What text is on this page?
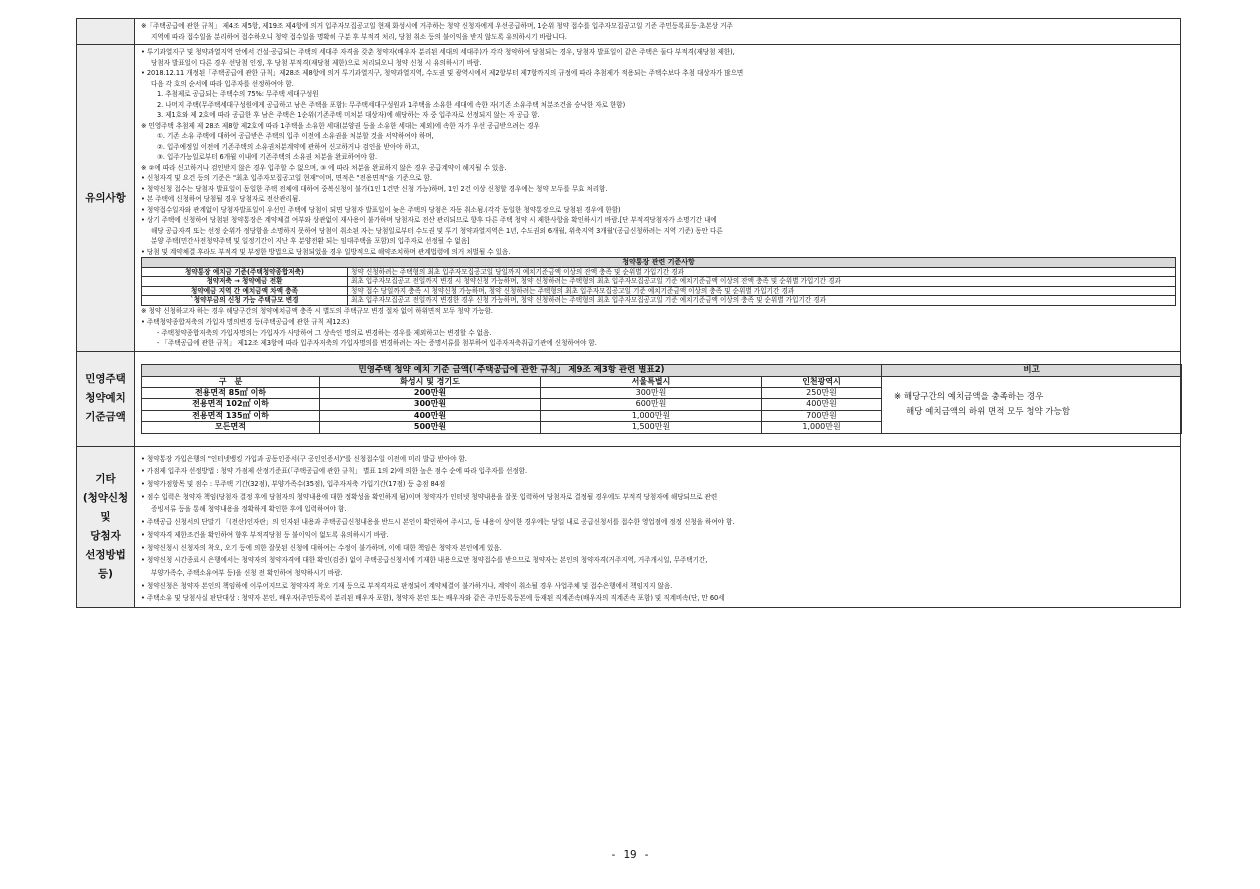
※「주택공급에 관한 규칙」 제4조 제5항, 제19조 제4항에 의거 입주자모집공고일 현재 화성시에 거주하는 청약 신청자에게 우선공급하며, 1순위 청약 접수를 입주자모집공고일 기준 주민등록표등·초본상 거주
지역에 따라 접수일을 분리하여 접수하오니 청약 접수일을 명확히 구분 후 부적격 처리, 당첨 취소 등의 불이익을 받지 않도록 유의하시기 바랍니다.

유의사항	
• 투기과열지구 및 청약과열지역 안에서 건설·공급되는 주택의 세대주 자격을 갖춘 청약자(배우자 분리된 세대의 세대주)가 각각 청약하여 당첨되는 경우, 당첨자 발표일이 같은 주택은 둘다 부적격(재당첨 제한),
당첨자 발표일이 다른 경우 선당첨 인정, 후 당첨 부적격(재당첨 제한)으로 처리되오니 청약 신청 시 유의하시기 바람.
• 2018.12.11 개정된「주택공급에 관한 규칙」제28조 제8항에 의거 투기과열지구, 청약과열지역, 수도권 및 광역시에서 제2항부터 제7항까지의 규정에 따라 추첨제가 적용되는 주택수보다 추첨 대상자가 많으면
다음 각 호의 순서에 따라 입주자를 선정하여야 함.
1. 추첨제로 공급되는 주택수의 75%: 무주택 세대구성원
2. 나머지 주택(무주택세대구성원에게 공급하고 남은 주택을 포함): 무주택세대구성원과 1주택을 소유한 세대에 속한 자(기존 소유주택 처분조건을 승낙한 자로 한함)
3. 제1호와 제 2호에 따라 공급한 후 남은 주택은 1순위(기존주택 미처분 대상자)에 해당하는 자 중 입주자로 선정되지 않는 자 공급 함.
※ 민영주택 추첨제 제 28조 제8항 제2호에 따라 1주택을 소유한 세대(분양권 등을 소유한 세대는 제외)에 속한 자가 우선 공급받으려는 경우
①. 기존 소유 주택에 대하여 공급받은 주택의 입주 이전에 소유권을 처분할 것을 서약하여야 하며,
②. 입주예정일 이전에 기존주택의 소유권처분계약에 관하여 신고하거나 검인을 받아야 하고,
③. 입주가능일로부터 6개월 이내에 기존주택의 소유권 처분을 완료하여야 함.
※ ②에 따라 신고하거나 검인받지 않은 경우 입주할 수 없으며, ③ 에 따라 처분을 완료하지 않은 경우 공급계약이 해지될 수 있음.
• 신청자격 및 요건 등의 기준은 "최초 입주자모집공고일 현재"이며, 면적은 "전용면적"을 기준으로 함.
• 청약신청 접수는 당첨자 발표일이 동일한 주택 전체에 대하여 중복신청이 불가(1인 1건만 신청 가능)하며, 1인 2건 이상 신청할 경우에는 청약 모두를 무효 처리함.
• 본 주택에 신청하여 당첨될 경우 당첨자로 전산관리됨.
• 청약접수일자와 관계없이 당첨자발표일이 우선인 주택에 당첨이 되면 당첨자 발표일이 늦은 주택의 당첨은 자동 취소됨.(각각 동일한 청약통장으로 당첨된 경우에 한함)
• 상기 주택에 신청하여 당첨된 청약통장은 계약체결 여부와 상관없이 재사용이 불가하며 당첨자로 전산 관리되므로 향후 다른 주택 청약 시 제한사항을 확인하시기 바람.[단 부적격당첨자가 소명기간 내에
해당 공급자격 또는 선정 순위가 정당함을 소명하지 못하여 당첨이 취소된 자는 당첨일로부터 수도권 및 투기 청약과열지역은 1년, 수도권외 6개월, 위축지역 3개월'(공급신청하려는 지역 기준) 동안 다른
분양 주택(민간사전청약주택 및 일정기간이 지난 후 분양전환 되는 임대주택을 포함)의 입주자로 선정될 수 없음]
• 당첨 및 계약체결 후라도 부적격 및 부정한 방법으로 당첨되었을 경우 일방적으로 해약조치하며 관계법령에 의거 처벌될 수 있음.
청약통장 관련 기준사항
청약통장 예치금 기준(주택청약종합저축)	청약 신청하려는 주택형의 최초 입주자모집공고일 당일까지 예치기준금액 이상의 잔액 충족 및 순위별 가입기간 경과
청약저축 → 청약예금 전환	최초 입주자모집공고 전일까지 변경 시 청약신청 가능하며, 청약 신청하려는 주택형의 최초 입주자모집공고일 기준 예치기준금액 이상의 잔액 충족 및 순위별 가입기간 경과
청약예금 지역 간 예치금액 차액 충족	청약 접수 당일까지 충족 시 청약신청 가능하며, 청약 신청하려는 주택형의 최초 입주자모집공고일 기준 예치기준금액 이상의 충족 및 순위별 가입기간 경과
`청약부금의 신청 가능 주택규모 변경	최초 입주자모집공고 전일까지 변경한 경우 신청 가능하며, 청약 신청하려는 주택형의 최초 입주자모집공고일 기준 예치기준금액 이상의 충족 및 순위별 가입기간 경과
※ 청약 신청하고자 하는 경우 해당구간의 청약예치금액 충족 시 별도의 주택규모 변경 절차 없이 하위면적 모두 청약 가능함.
• 주택청약종합저축의 가입자 명의변경 등(주택공급에 관한 규칙 제12조)
- 주택청약종합저축의 가입자명의는 가입자가 사망하여 그 상속인 명의로 변경하는 경우를 제외하고는 변경할 수 없음.
- 「주택공급에 관한 규칙」 제12조 제3항에 따라 입주자저축의 가입자명의를 변경하려는 자는 증명서류를 첨부하여 입주자저축취급기관에 신청하여야 함.

민영주택
청약예치
기준금액

민영주택 청약 예치 기준 금액(「주택공급에 관한 규칙」 제9조 제3항 관련 별표2)	비고
구　분	화성시 및 경기도	서울특별시	인천광역시	
※ 해당구간의 예치금액을 충족하는 경우
해당 예치금액의 하위 면적 모두 청약 가능함

전용면적 85㎡ 이하	200만원	300만원	250만원
전용면적 102㎡ 이하	300만원	600만원	400만원
전용면적 135㎡ 이하	400만원	1,000만원	700만원
모든면적	500만원	1,500만원	1,000만원

기타
(청약신청 및
당첨자
선정방법 등)

• 청약통장 가입은행의 "인터넷뱅킹 가입과 공동인증서(구 공인인증서)"를 신청접수일 이전에 미리 발급 받아야 함.
• 가점제 입주자 선정방법 : 청약 가점제 산정기준표(「주택공급에 관한 규칙」 별표 1의 2)에 의한 높은 점수 순에 따라 입주자를 선정함.
• 청약가점항목 및 점수 : 무주택 기간(32점), 부양가족수(35점), 입주자저축 가입기간(17점) 등 총점 84점
• 점수 입력은 청약자 책임(당첨자 결정 후에 당첨자의 청약내용에 대한 정확성을 확인하게 됨)이며 청약자가 인터넷 청약내용을 잘못 입력하여 당첨자로 결정될 경우에도 부적격 당첨자에 해당되므로 관련
증빙서류 등을 통해 청약내용을 정확하게 확인한 후에 입력하여야 함.
• 주택공급 신청서의 단말기 「(전산)인자란」의 인자된 내용과 주택공급신청내용을 반드시 본인이 확인하여 주시고, 동 내용이 상이한 경우에는 당일 내로 공급신청서를 접수한 영업점에 정정 신청을 하여야 함.
• 청약자격 제한조건을 확인하여 향후 부적격당첨 등 불이익이 없도록 유의하시기 바람.
• 청약신청시 신청자의 착오, 오기 등에 의한 잘못된 신청에 대하여는 수정이 불가하며, 이에 대한 책임은 청약자 본인에게 있음.
• 청약신청 시간종료시 은행에서는 청약자의 청약자격에 대한 확인(검증) 없이 주택공급신청서에 기재한 내용으로만 청약접수를 받으므로 청약자는 본인의 청약자격(거주지역, 거주개시일, 무주택기간,
부양가족수, 주택소유여부 등)을 신청 전 확인하여 청약하시기 바람.
• 청약신청은 청약자 본인의 책임하에 이루어지므로 청약자격 착오 기재 등으로 부적격자로 판정되어 계약체결이 불가하거나, 계약이 취소될 경우 사업주체 및 접수은행에서 책임지지 않음.
• 주택소유 및 당첨사실 판단대상 : 청약자 본인, 배우자(주민등록이 분리된 배우자 포함), 청약자 본인 또는 배우자와 같은 주민등록등본에 등재된 직계존속(배우자의 직계존속 포함) 및 직계비속(단, 만 60세
- 19 -
